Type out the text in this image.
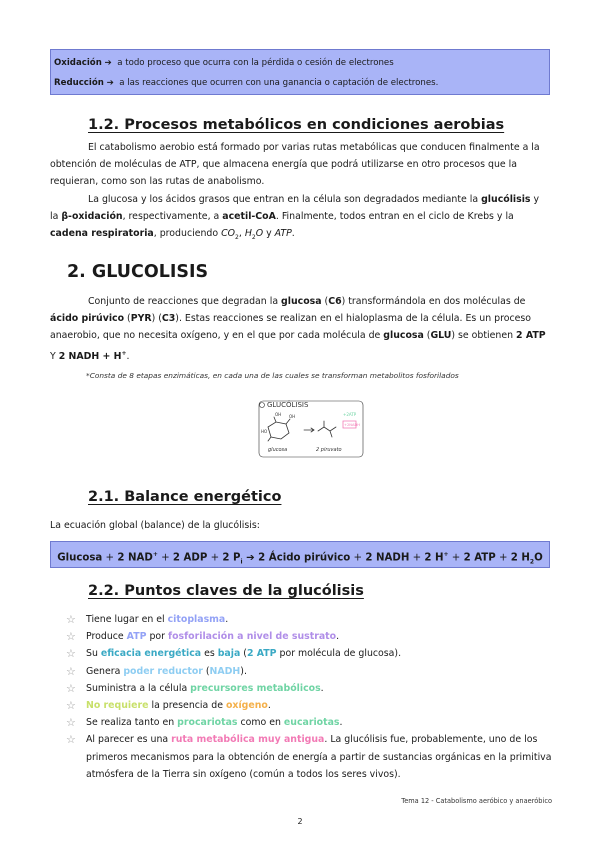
Oxidación ➔ a todo proceso que ocurra con la pérdida o cesión de electrones
Reducción ➔ a las reacciones que ocurren con una ganancia o captación de electrones.
1.2. Procesos metabólicos en condiciones aerobias

El catabolismo aerobio está formado por varias rutas metabólicas que conducen finalmente a la obtención de moléculas de ATP, que almacena energía que podrá utilizarse en otro procesos que la requieran, como son las rutas de anabolismo.

La glucosa y los ácidos grasos que entran en la célula son degradados mediante la glucólisis y la β-oxidación, respectivamente, a acetil-CoA. Finalmente, todos entran en el ciclo de Krebs y la cadena respiratoria, produciendo $CO_2$, $H_2O$ y ATP.

2. GLUCOLISIS

Conjunto de reacciones que degradan la glucosa (C6) transformándola en dos moléculas de ácido pirúvico (PYR) (C3). Estas reacciones se realizan en el hialoplasma de la célula. Es un proceso anaerobio, que no necesita oxígeno, y en el que por cada molécula de glucosa (GLU) se obtienen 2 ATP Y 2 NADH + H+.

*Consta de 8 etapas enzimáticas, en cada una de las cuales se transforman metabolitos fosforilados
GLUCÓLISIS
OH OH
HO
glucosa	2 piruvato
+2ATP
+2NADH
2.1. Balance energético
La ecuación global (balance) de la glucólisis:
Glucosa + 2 NAD+ + 2 ADP + 2 $P_i$ ➔ 2 Ácido pirúvico + 2 NADH + 2 H+ + 2 ATP + 2 $H_2O$
2.2. Puntos claves de la glucólisis
☆ Tiene lugar en el citoplasma.
☆ Produce ATP por fosforilación a nivel de sustrato.
☆ Su eficacia energética es baja (2 ATP por molécula de glucosa).
☆ Genera poder reductor (NADH).
☆ Suministra a la célula precursores metabólicos.
☆ No requiere la presencia de oxígeno.
☆ Se realiza tanto en procariotas como en eucariotas.
☆ Al parecer es una ruta metabólica muy antigua. La glucólisis fue, probablemente, uno de los primeros mecanismos para la obtención de energía a partir de sustancias orgánicas en la primitiva atmósfera de la Tierra sin oxígeno (común a todos los seres vivos).
Tema 12 - Catabolismo aeróbico y anaeróbico
2
